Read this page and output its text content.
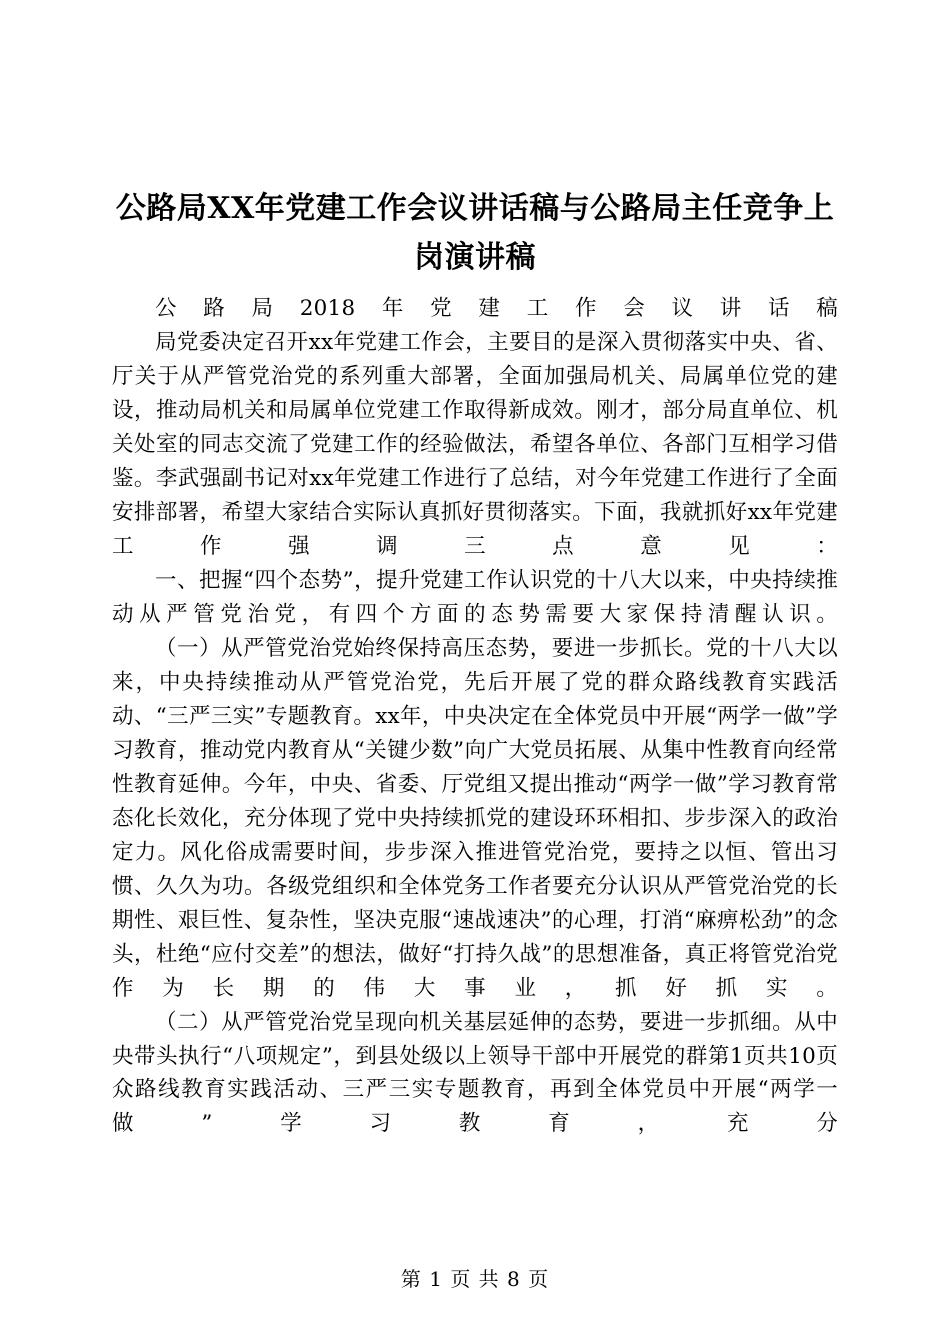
公路局XX年党建工作会议讲话稿与公路局主任竞争上岗演讲稿

公路局2018年党建工作会议讲话稿

局党委决定召开xx年党建工作会，主要目的是深入贯彻落实中央、省、厅关于从严管党治党的系列重大部署，全面加强局机关、局属单位党的建设，推动局机关和局属单位党建工作取得新成效。刚才，部分局直单位、机关处室的同志交流了党建工作的经验做法，希望各单位、各部门互相学习借鉴。李武强副书记对xx年党建工作进行了总结，对今年党建工作进行了全面安排部署，希望大家结合实际认真抓好贯彻落实。下面，我就抓好xx年党建工作强调三点意见：

一、把握“四个态势”，提升党建工作认识党的十八大以来，中央持续推动从严管党治党，有四个方面的态势需要大家保持清醒认识。

（一）从严管党治党始终保持高压态势，要进一步抓长。党的十八大以来，中央持续推动从严管党治党，先后开展了党的群众路线教育实践活动、“三严三实”专题教育。xx年，中央决定在全体党员中开展“两学一做”学习教育，推动党内教育从“关键少数”向广大党员拓展、从集中性教育向经常性教育延伸。今年，中央、省委、厅党组又提出推动“两学一做”学习教育常态化长效化，充分体现了党中央持续抓党的建设环环相扣、步步深入的政治定力。风化俗成需要时间，步步深入推进管党治党，要持之以恒、管出习惯、久久为功。各级党组织和全体党务工作者要充分认识从严管党治党的长期性、艰巨性、复杂性，坚决克服“速战速决”的心理，打消“麻痹松劲”的念头，杜绝“应付交差”的想法，做好“打持久战”的思想准备，真正将管党治党作为长期的伟大事业，抓好抓实。

（二）从严管党治党呈现向机关基层延伸的态势，要进一步抓细。从中央带头执行“八项规定”，到县处级以上领导干部中开展党的群第1页共10页众路线教育实践活动、三严三实专题教育，再到全体党员中开展“两学一做”学习教育，充分

第 1 页 共 8 页
